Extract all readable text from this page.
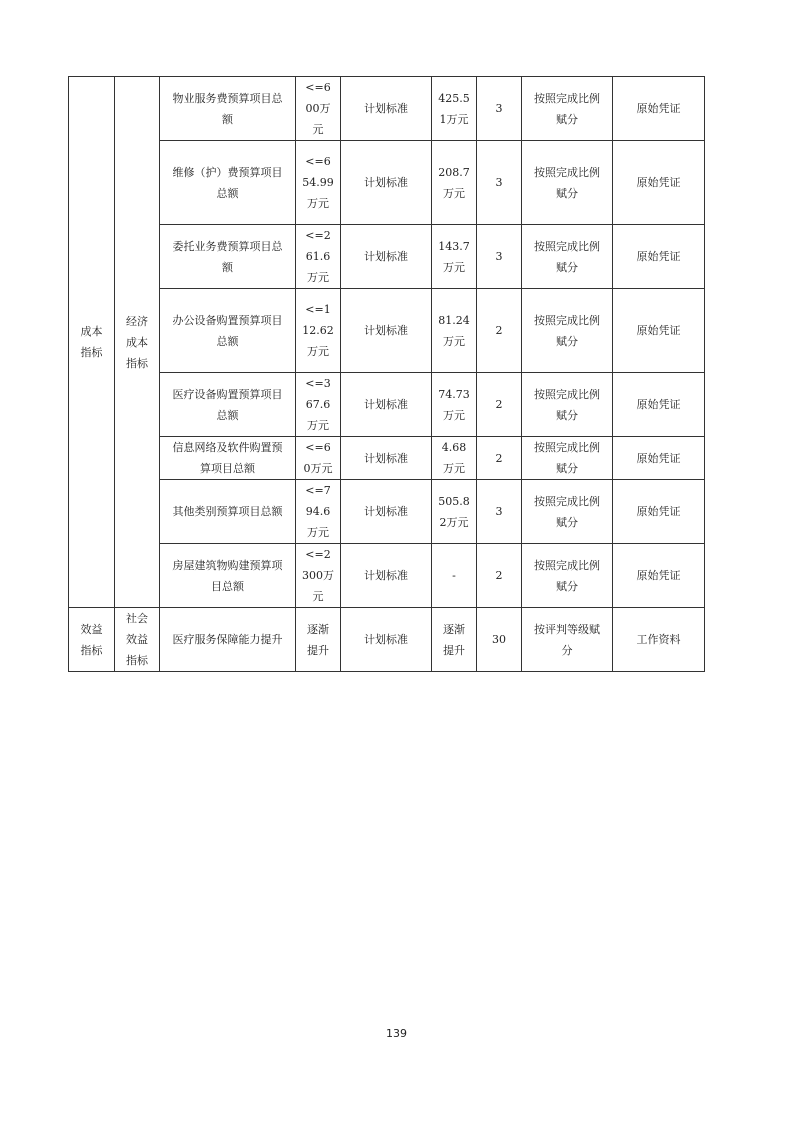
成本指标	经济成本指标	物业服务费预算项目总额	<=600万元	计划标准	425.51万元	3	按照完成比例赋分	原始凭证
		维修（护）费预算项目总额	<=654.99万元	计划标准	208.7万元	3	按照完成比例赋分	原始凭证
		委托业务费预算项目总额	<=261.6万元	计划标准	143.7万元	3	按照完成比例赋分	原始凭证
		办公设备购置预算项目总额	<=112.62万元	计划标准	81.24万元	2	按照完成比例赋分	原始凭证
		医疗设备购置预算项目总额	<=367.6万元	计划标准	74.73万元	2	按照完成比例赋分	原始凭证
		信息网络及软件购置预算项目总额	<=60万元	计划标准	4.68万元	2	按照完成比例赋分	原始凭证
		其他类别预算项目总额	<=794.6万元	计划标准	505.82万元	3	按照完成比例赋分	原始凭证
		房屋建筑物购建预算项目总额	<=2300万元	计划标准	-	2	按照完成比例赋分	原始凭证
效益指标	社会效益指标	医疗服务保障能力提升	逐渐提升	计划标准	逐渐提升	30	按评判等级赋分	工作资料
139
